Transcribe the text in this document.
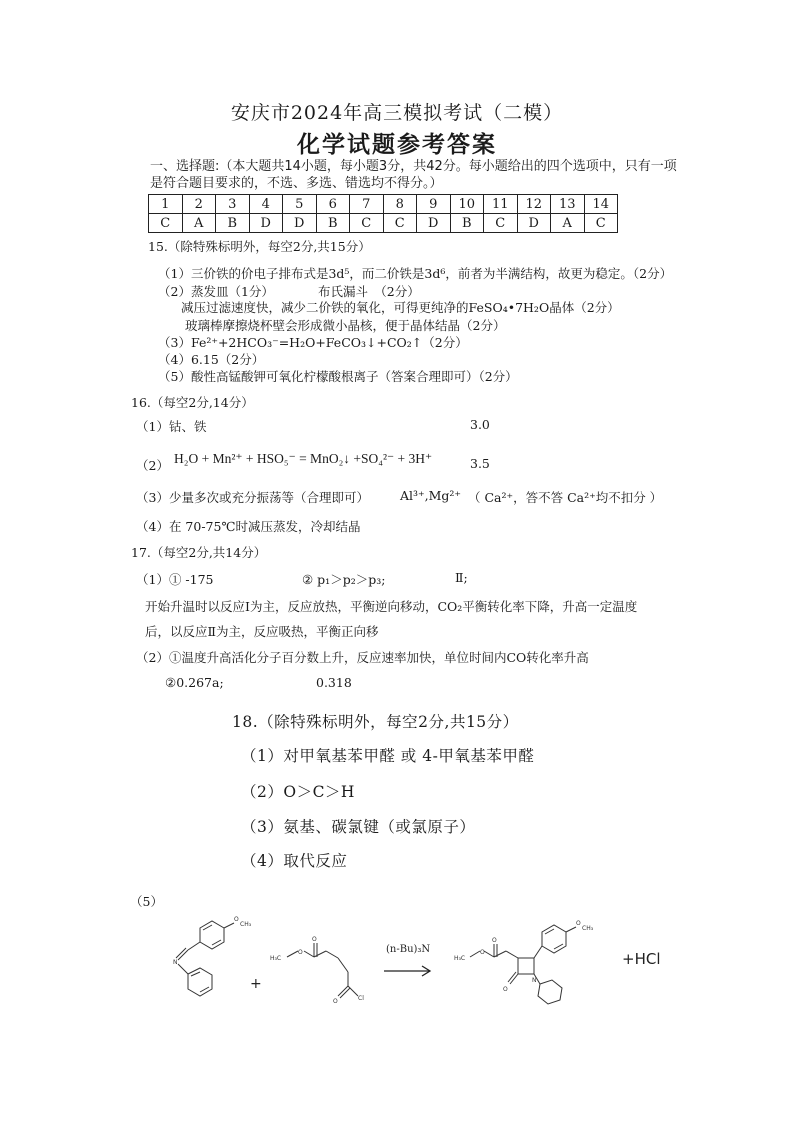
安庆市2024年高三模拟考试（二模）
化学试题参考答案
一、选择题:（本大题共14小题，每小题3分，共42分。每小题给出的四个选项中，只有一项是符合题目要求的，不选、多选、错选均不得分。）
1	2	3	4	5	6	7	8	9	10	11	12	13	14
C	A	B	D	D	B	C	C	D	B	C	D	A	C
15.（除特殊标明外，每空2分,共15分）
（1）三价铁的价电子排布式是3d⁵，而二价铁是3d⁶，前者为半满结构，故更为稳定。（2分）
（2）蒸发皿（1分）	布氏漏斗　（2分）
减压过滤速度快，减少二价铁的氧化，可得更纯净的FeSO₄•7H₂O晶体（2分）
玻璃棒摩擦烧杯壁会形成微小晶核，便于晶体结晶（2分）
（3）Fe²⁺+2HCO₃⁻=H₂O+FeCO₃↓+CO₂↑（2分）
（4）6.15（2分）
（5）酸性高锰酸钾可氧化柠檬酸根离子（答案合理即可）（2分）
16.（每空2分,14分）
（1）钴、铁	3.0
（2） H₂O + Mn²⁺ + HSO₅⁻ = MnO₂↓ +SO₄²⁻ + 3H⁺	3.5
（3）少量多次或充分振荡等（合理即可） Al³⁺,Mg²⁺ （ Ca²⁺，答不答 Ca²⁺均不扣分 ）
（4）在 70-75℃时减压蒸发，冷却结晶
17.（每空2分,共14分）
（1）① -175	② p₁＞p₂＞p₃;	Ⅱ;
开始升温时以反应Ⅰ为主，反应放热，平衡逆向移动，CO₂平衡转化率下降，升高一定温度
后，以反应Ⅱ为主，反应吸热，平衡正向移
（2）①温度升高活化分子百分数上升，反应速率加快，单位时间内CO转化率升高
②0.267a;	0.318
18.（除特殊标明外，每空2分,共15分）
（1）对甲氧基苯甲醛 或 4-甲氧基苯甲醛
（2）O＞C＞H
（3）氨基、碳氯键（或氯原子）
（4）取代反应
（5）
O
CH₃
N
+
H₃C
O
O
O	Cl
(n-Bu)₃N
H₃C
O
O
O
N
O
CH₃
+HCl
